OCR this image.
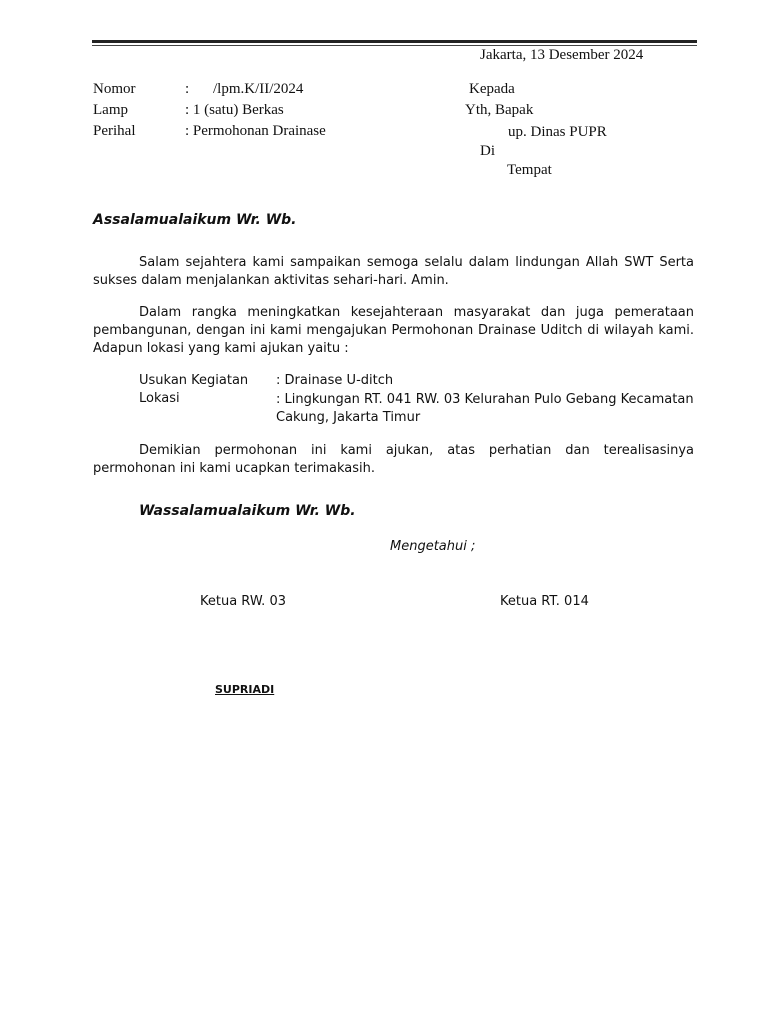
Jakarta, 13 Desember 2024
Nomor	: /lpm.K/II/2024
Lamp	: 1 (satu) Berkas
Perihal	: Permohonan Drainase
Kepada
Yth, Bapak
up. Dinas PUPR
Di
Tempat
Assalamualaikum Wr. Wb.

Salam sejahtera kami sampaikan semoga selalu dalam lindungan Allah SWT Serta sukses dalam menjalankan aktivitas sehari-hari. Amin.

Dalam rangka meningkatkan kesejahteraan masyarakat dan juga pemerataan pembangunan, dengan ini kami mengajukan Permohonan Drainase Uditch di wilayah kami. Adapun lokasi yang kami ajukan yaitu :

Usukan Kegiatan : Drainase U-ditch
Lokasi	: Lingkungan RT. 041 RW. 03 Kelurahan Pulo Gebang Kecamatan Cakung, Jakarta Timur

Demikian permohonan ini kami ajukan, atas perhatian dan terealisasinya permohonan ini kami ucapkan terimakasih.

Wassalamualaikum Wr. Wb.
Mengetahui ;
Ketua RW. 03	Ketua RT. 014
SUPRIADI
